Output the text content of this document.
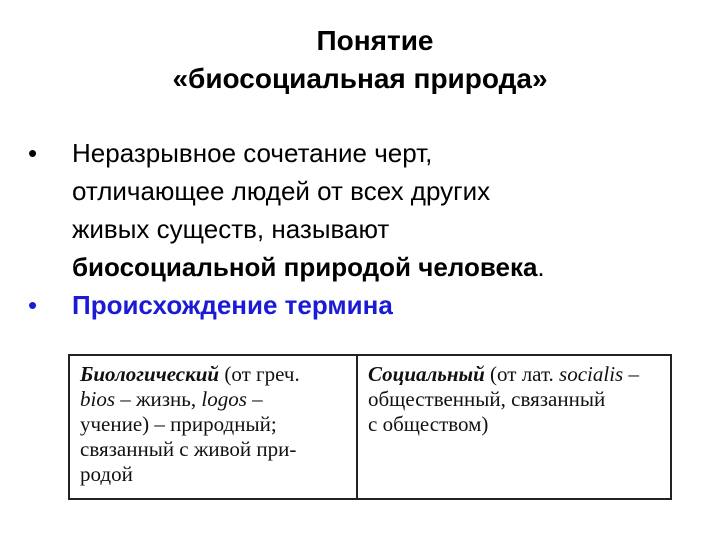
Понятие
«биосоциальная природа»
• Неразрывное сочетание черт,
отличающее людей от всех других
живых существ, называют
биосоциальной природой человека.
• Происхождение термина
Биологический (от греч.
bios – жизнь, logos –
учение) – природный;
связанный с живой при-
родой
Социальный (от лат. socialis –
общественный, связанный
с обществом)
